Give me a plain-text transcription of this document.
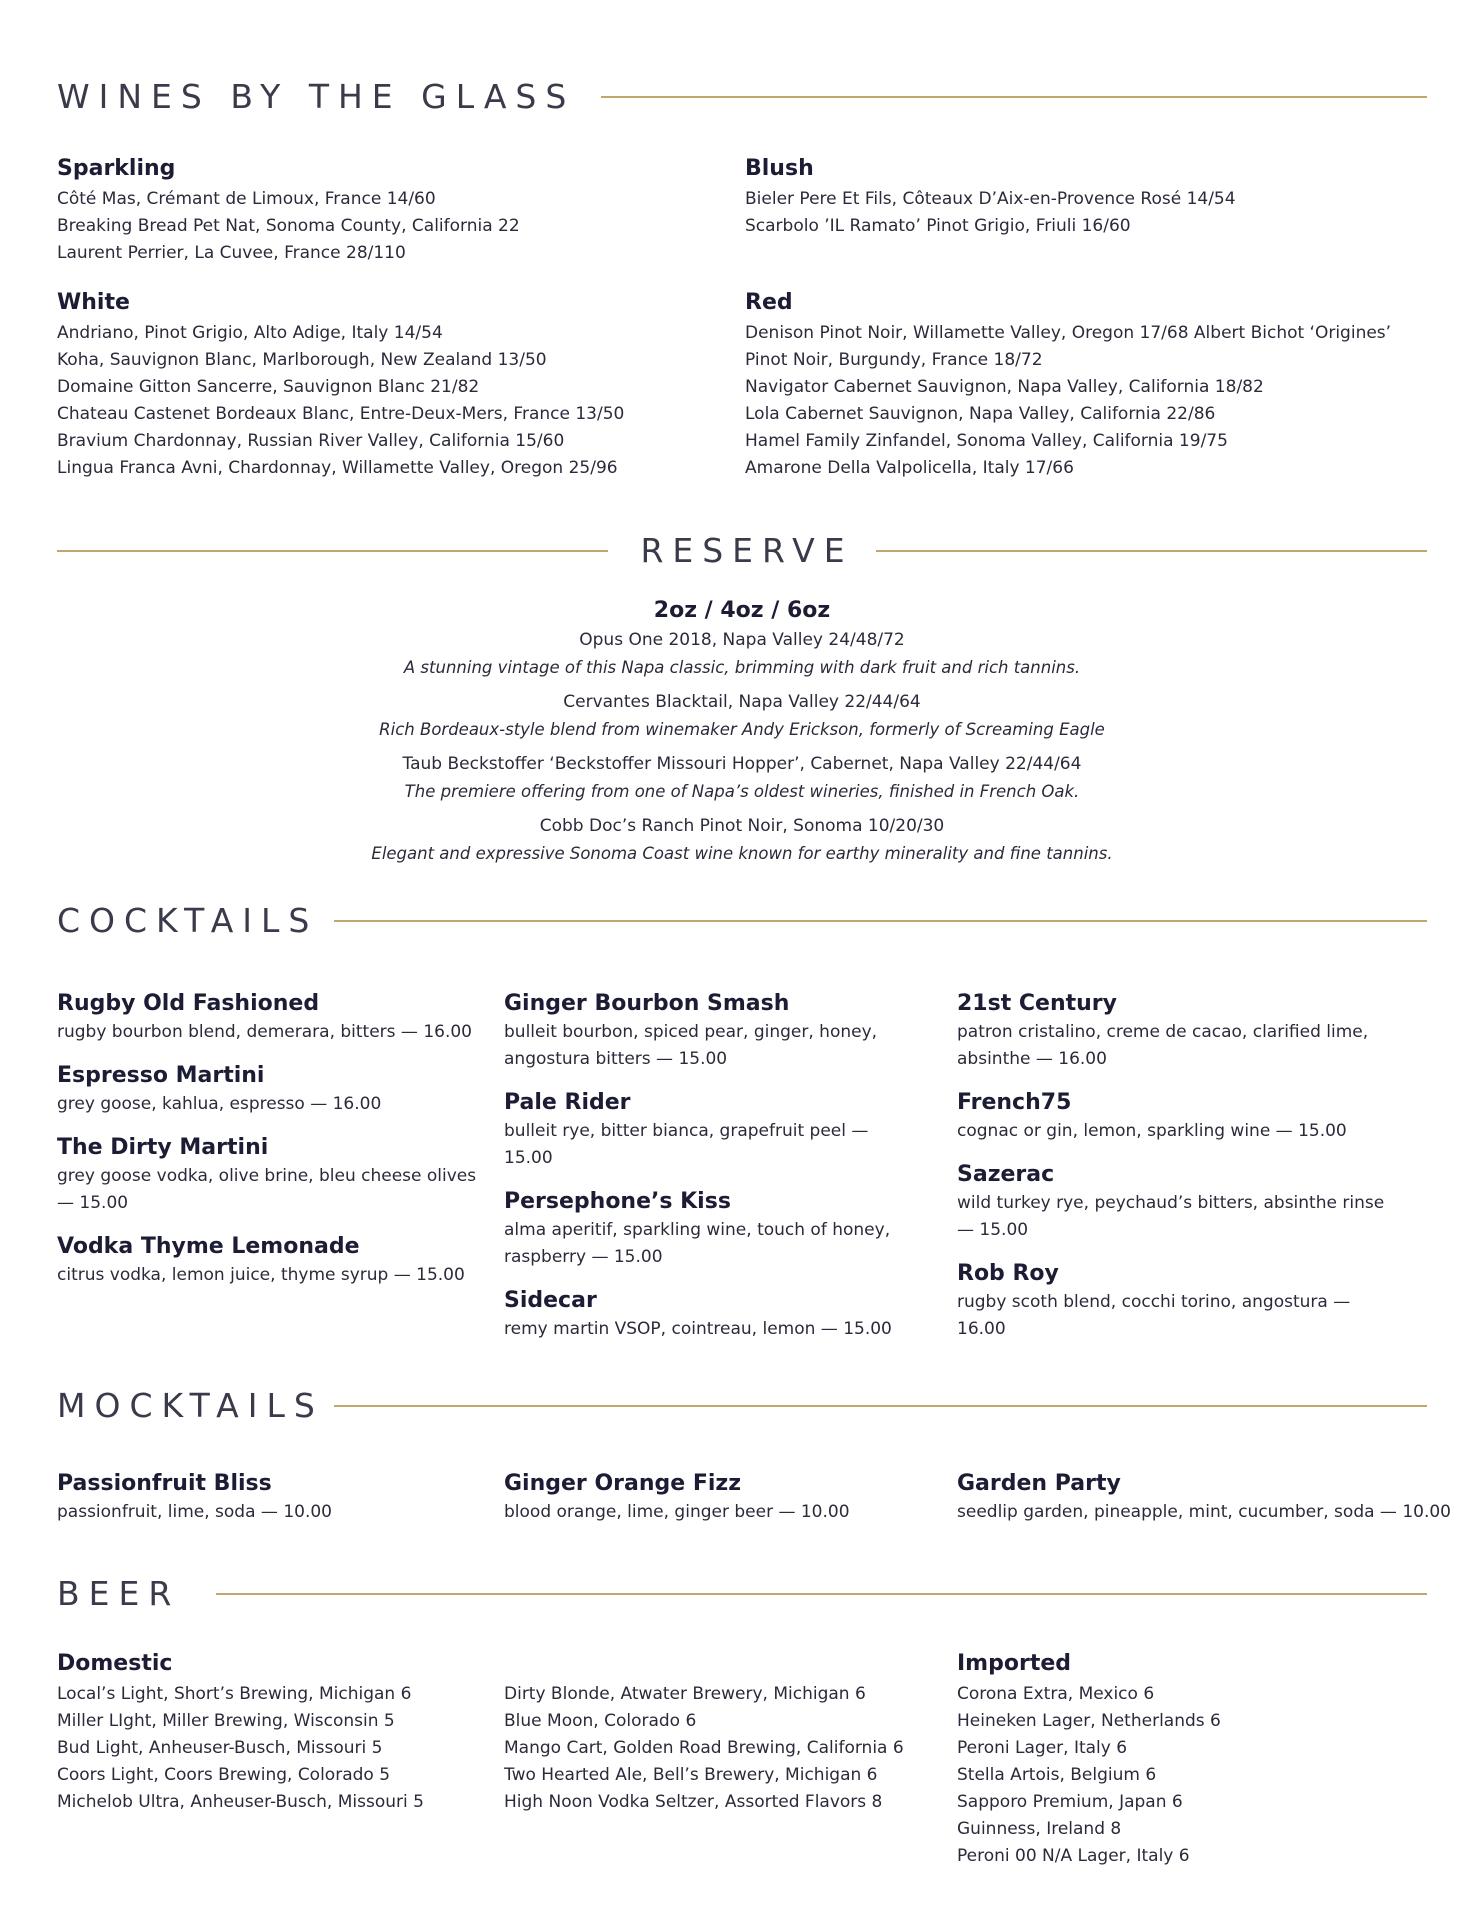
WINES BY THE GLASS
Sparkling
Côté Mas, Crémant de Limoux, France 14/60
Breaking Bread Pet Nat, Sonoma County, California 22
Laurent Perrier, La Cuvee, France 28/110
White
Andriano, Pinot Grigio, Alto Adige, Italy 14/54
Koha, Sauvignon Blanc, Marlborough, New Zealand 13/50
Domaine Gitton Sancerre, Sauvignon Blanc 21/82
Chateau Castenet Bordeaux Blanc, Entre-Deux-Mers, France 13/50
Bravium Chardonnay, Russian River Valley, California 15/60
Lingua Franca Avni, Chardonnay, Willamette Valley, Oregon 25/96
Blush
Bieler Pere Et Fils, Côteaux D’Aix-en-Provence Rosé 14/54
Scarbolo ’IL Ramato’ Pinot Grigio, Friuli 16/60
Red
Denison Pinot Noir, Willamette Valley, Oregon 17/68 Albert Bichot ‘Origines’
Pinot Noir, Burgundy, France 18/72
Navigator Cabernet Sauvignon, Napa Valley, California 18/82
Lola Cabernet Sauvignon, Napa Valley, California 22/86
Hamel Family Zinfandel, Sonoma Valley, California 19/75
Amarone Della Valpolicella, Italy 17/66
RESERVE
2oz / 4oz / 6oz
Opus One 2018, Napa Valley 24/48/72
A stunning vintage of this Napa classic, brimming with dark fruit and rich tannins.
Cervantes Blacktail, Napa Valley 22/44/64
Rich Bordeaux-style blend from winemaker Andy Erickson, formerly of Screaming Eagle
Taub Beckstoffer ‘Beckstoffer Missouri Hopper’, Cabernet, Napa Valley 22/44/64
The premiere offering from one of Napa’s oldest wineries, finished in French Oak.
Cobb Doc’s Ranch Pinot Noir, Sonoma 10/20/30
Elegant and expressive Sonoma Coast wine known for earthy minerality and fine tannins.
COCKTAILS
Rugby Old Fashioned
rugby bourbon blend, demerara, bitters — 16.00
Espresso Martini
grey goose, kahlua, espresso — 16.00
The Dirty Martini
grey goose vodka, olive brine, bleu cheese olives — 15.00
Vodka Thyme Lemonade
citrus vodka, lemon juice, thyme syrup — 15.00
Ginger Bourbon Smash
bulleit bourbon, spiced pear, ginger, honey, angostura bitters — 15.00
Pale Rider
bulleit rye, bitter bianca, grapefruit peel — 15.00
Persephone’s Kiss
alma aperitif, sparkling wine, touch of honey, raspberry — 15.00
Sidecar
remy martin VSOP, cointreau, lemon — 15.00
21st Century
patron cristalino, creme de cacao, clarified lime, absinthe — 16.00
French75
cognac or gin, lemon, sparkling wine — 15.00
Sazerac
wild turkey rye, peychaud’s bitters, absinthe rinse — 15.00
Rob Roy
rugby scoth blend, cocchi torino, angostura — 16.00
MOCKTAILS
Passionfruit Bliss
passionfruit, lime, soda — 10.00
Ginger Orange Fizz
blood orange, lime, ginger beer — 10.00
Garden Party
seedlip garden, pineapple, mint, cucumber, soda — 10.00
BEER
Domestic
Local’s Light, Short’s Brewing, Michigan 6
Miller LIght, Miller Brewing, Wisconsin 5
Bud Light, Anheuser-Busch, Missouri 5
Coors Light, Coors Brewing, Colorado 5
Michelob Ultra, Anheuser-Busch, Missouri 5
Dirty Blonde, Atwater Brewery, Michigan 6
Blue Moon, Colorado 6
Mango Cart, Golden Road Brewing, California 6
Two Hearted Ale, Bell’s Brewery, Michigan 6
High Noon Vodka Seltzer, Assorted Flavors 8
Imported
Corona Extra, Mexico 6
Heineken Lager, Netherlands 6
Peroni Lager, Italy 6
Stella Artois, Belgium 6
Sapporo Premium, Japan 6
Guinness, Ireland 8
Peroni 00 N/A Lager, Italy 6
